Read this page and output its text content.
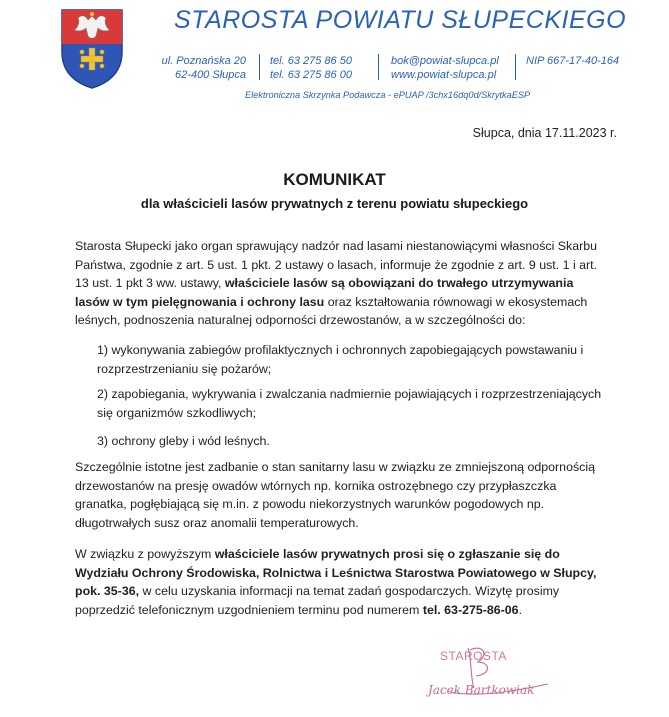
STAROSTA POWIATU SŁUPECKIEGO
ul. Poznańska 20
62-400 Słupca
tel. 63 275 86 50
tel. 63 275 86 00
bok@powiat-slupca.pl
www.powiat-slupca.pl
NIP 667-17-40-164
Elektroniczna Skrzynka Podawcza - ePUAP /3chx16dq0d/SkrytkaESP
Słupca, dnia 17.11.2023 r.
KOMUNIKAT
dla właścicieli lasów prywatnych z terenu powiatu słupeckiego
Starosta Słupecki jako organ sprawujący nadzór nad lasami niestanowiącymi własności Skarbu Państwa, zgodnie z art. 5 ust. 1 pkt. 2 ustawy o lasach, informuje że zgodnie z art. 9 ust. 1 i art. 13 ust. 1 pkt 3 ww. ustawy, właściciele lasów są obowiązani do trwałego utrzymywania lasów w tym pielęgnowania i ochrony lasu oraz kształtowania równowagi w ekosystemach leśnych, podnoszenia naturalnej odporności drzewostanów, a w szczególności do:
1) wykonywania zabiegów profilaktycznych i ochronnych zapobiegających powstawaniu i rozprzestrzenianiu się pożarów;
2) zapobiegania, wykrywania i zwalczania nadmiernie pojawiających i rozprzestrzeniających się organizmów szkodliwych;
3) ochrony gleby i wód leśnych.
Szczególnie istotne jest zadbanie o stan sanitarny lasu w związku ze zmniejszoną odpornością drzewostanów na presję owadów wtórnych np. kornika ostrozębnego czy przypłaszczka granatka, pogłębiającą się m.in. z powodu niekorzystnych warunków pogodowych np. długotrwałych susz oraz anomalii temperaturowych.
W związku z powyższym właściciele lasów prywatnych prosi się o zgłaszanie się do Wydziału Ochrony Środowiska, Rolnictwa i Leśnictwa Starostwa Powiatowego w Słupcy, pok. 35-36, w celu uzyskania informacji na temat zadań gospodarczych. Wizytę prosimy poprzedzić telefonicznym uzgodnieniem terminu pod numerem tel. 63-275-86-06.
STAROSTA
Jacek Bartkowiak
